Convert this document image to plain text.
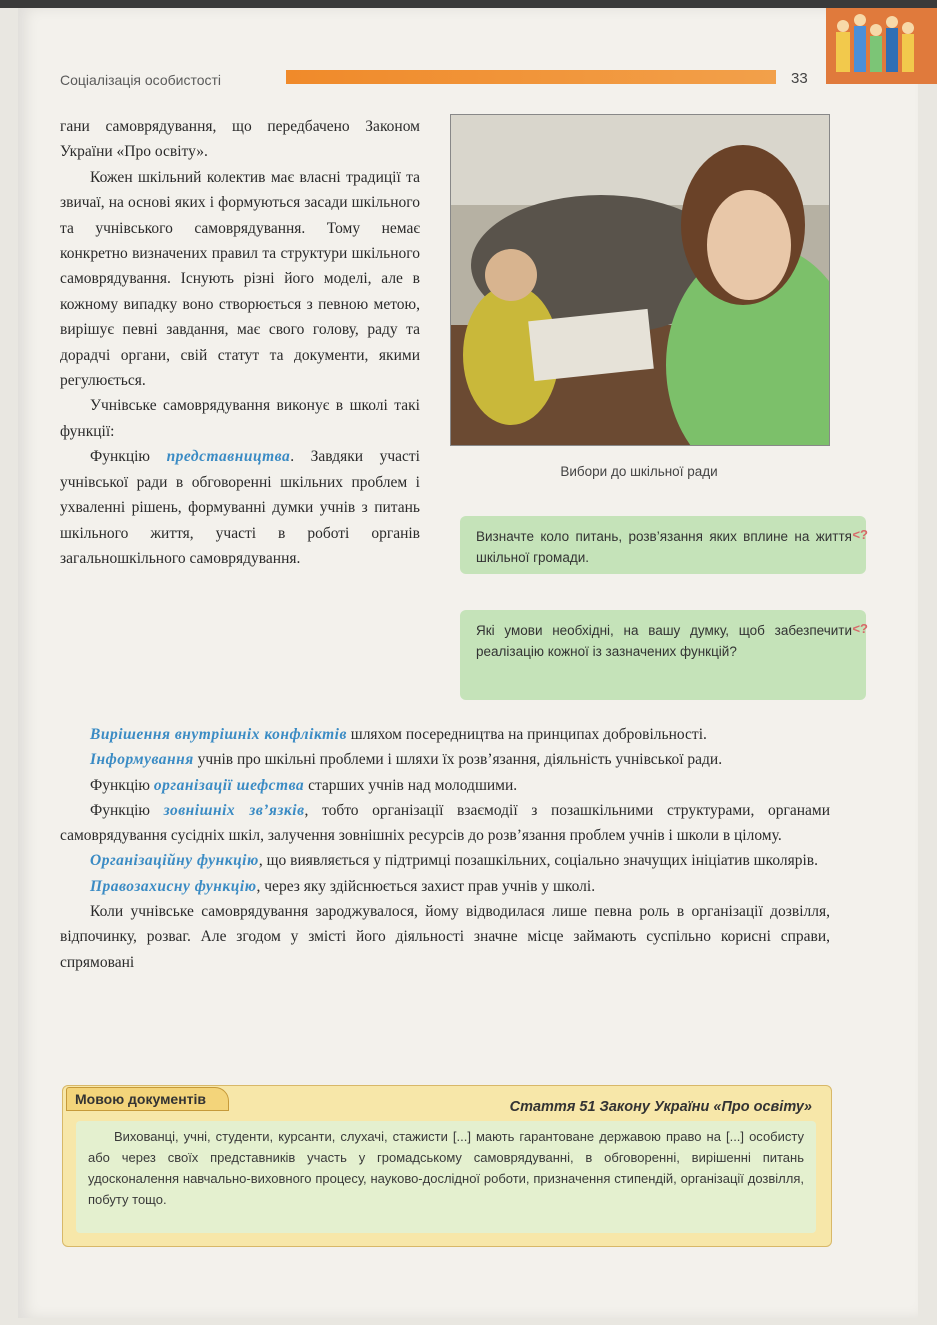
Соціалізація особистості	33

гани самоврядування, що передбачено Законом України «Про освіту».

Кожен шкільний колектив має власні традиції та звичаї, на основі яких і формуються засади шкільного та учнівського самоврядування. Тому немає конкретно визначених правил та структури шкільного самоврядування. Існують різні його моделі, але в кожному випадку воно створюється з певною метою, вирішує певні завдання, має свого голову, раду та дорадчі органи, свій статут та документи, якими регулюється.

Учнівське самоврядування виконує в школі такі функції:

Функцію представництва. Завдяки участі учнівської ради в обговоренні шкільних проблем і ухваленні рішень, формуванні думки учнів з питань шкільного життя, участі в роботі органів загальношкільного самоврядування.

Вибори до шкільної ради
Визначте коло питань, розв’язання яких вплине на життя шкільної громади.
<?
Які умови необхідні, на вашу думку, щоб забезпечити реалізацію кожної із зазначених функцій?
<?

Вирішення внутрішніх конфліктів шляхом посередництва на принципах добровільності.

Інформування учнів про шкільні проблеми і шляхи їх розв’язання, діяльність учнівської ради.

Функцію організації шефства старших учнів над молодшими.

Функцію зовнішніх зв’язків, тобто організації взаємодії з позашкільними структурами, органами самоврядування сусідніх шкіл, залучення зовнішніх ресурсів до розв’язання проблем учнів і школи в цілому.

Організаційну функцію, що виявляється у підтримці позашкільних, соціально значущих ініціатив школярів.

Правозахисну функцію, через яку здійснюється захист прав учнів у школі.

Коли учнівське самоврядування зароджувалося, йому відводилася лише певна роль в організації дозвілля, відпочинку, розваг. Але згодом у змісті його діяльності значне місце займають суспільно корисні справи, спрямовані

Мовою документів	Стаття 51 Закону України «Про освіту»
Вихованці, учні, студенти, курсанти, слухачі, стажисти [...] мають гарантоване державою право на [...] особисту або через своїх представників участь у громадському самоврядуванні, в обговоренні, вирішенні питань удосконалення навчально-виховного процесу, науково-дослідної роботи, призначення стипендій, організації дозвілля, побуту тощо.
